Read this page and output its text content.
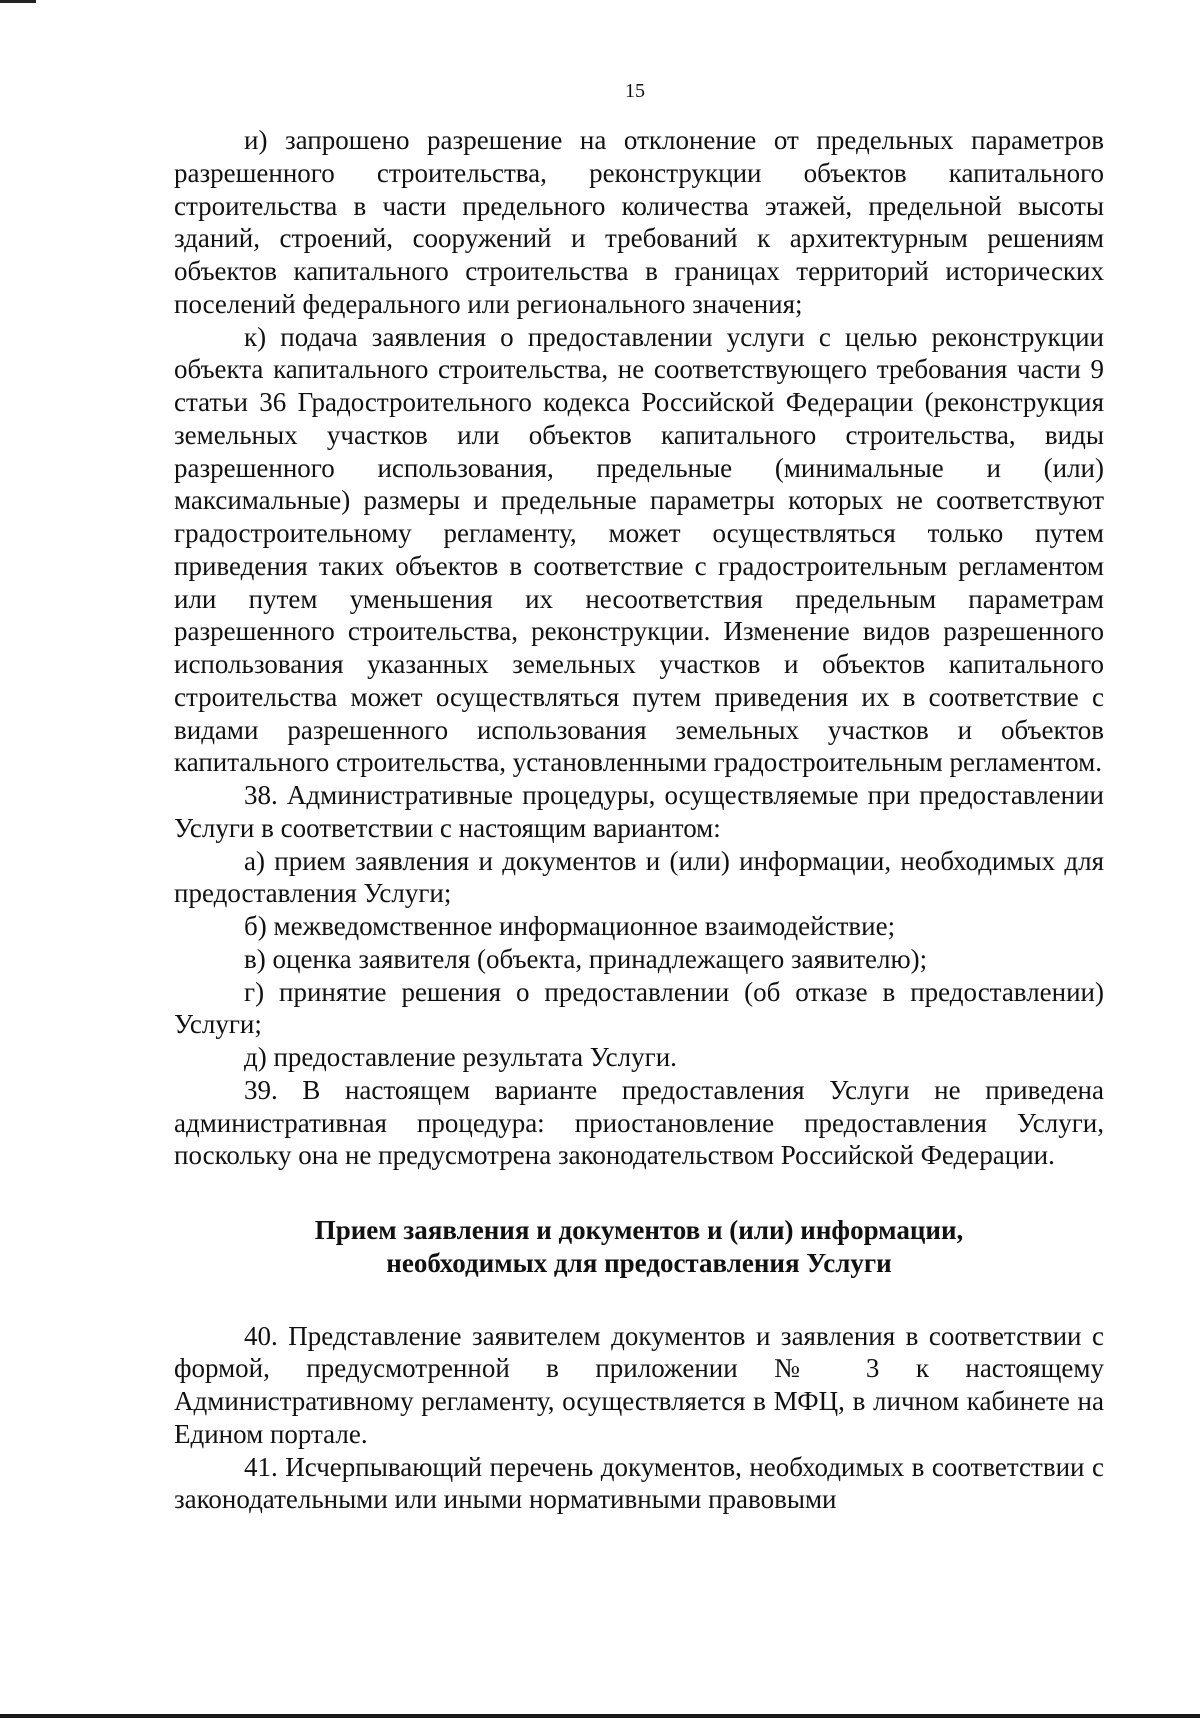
15

и) запрошено разрешение на отклонение от предельных параметров разрешенного строительства, реконструкции объектов капитального строительства в части предельного количества этажей, предельной высоты зданий, строений, сооружений и требований к архитектурным решениям объектов капитального строительства в границах территорий исторических поселений федерального или регионального значения;

к) подача заявления о предоставлении услуги с целью реконструкции объекта капитального строительства, не соответствующего требования части 9 статьи 36 Градостроительного кодекса Российской Федерации (реконструкция земельных участков или объектов капитального строительства, виды разрешенного использования, предельные (минимальные и (или) максимальные) размеры и предельные параметры которых не соответствуют градостроительному регламенту, может осуществляться только путем приведения таких объектов в соответствие с градостроительным регламентом или путем уменьшения их несоответствия предельным параметрам разрешенного строительства, реконструкции. Изменение видов разрешенного использования указанных земельных участков и объектов капитального строительства может осуществляться путем приведения их в соответствие с видами разрешенного использования земельных участков и объектов капитального строительства, установленными градостроительным регламентом.

38. Административные процедуры, осуществляемые при предоставлении Услуги в соответствии с настоящим вариантом:

а) прием заявления и документов и (или) информации, необходимых для предоставления Услуги;

б) межведомственное информационное взаимодействие;

в) оценка заявителя (объекта, принадлежащего заявителю);

г) принятие решения о предоставлении (об отказе в предоставлении) Услуги;

д) предоставление результата Услуги.

39. В настоящем варианте предоставления Услуги не приведена административная процедура: приостановление предоставления Услуги, поскольку она не предусмотрена законодательством Российской Федерации.

Прием заявления и документов и (или) информации,
необходимых для предоставления Услуги

40. Представление заявителем документов и заявления в соответствии с формой, предусмотренной в приложении № 3 к настоящему Административному регламенту, осуществляется в МФЦ, в личном кабинете на Едином портале.

41. Исчерпывающий перечень документов, необходимых в соответствии с законодательными или иными нормативными правовыми
